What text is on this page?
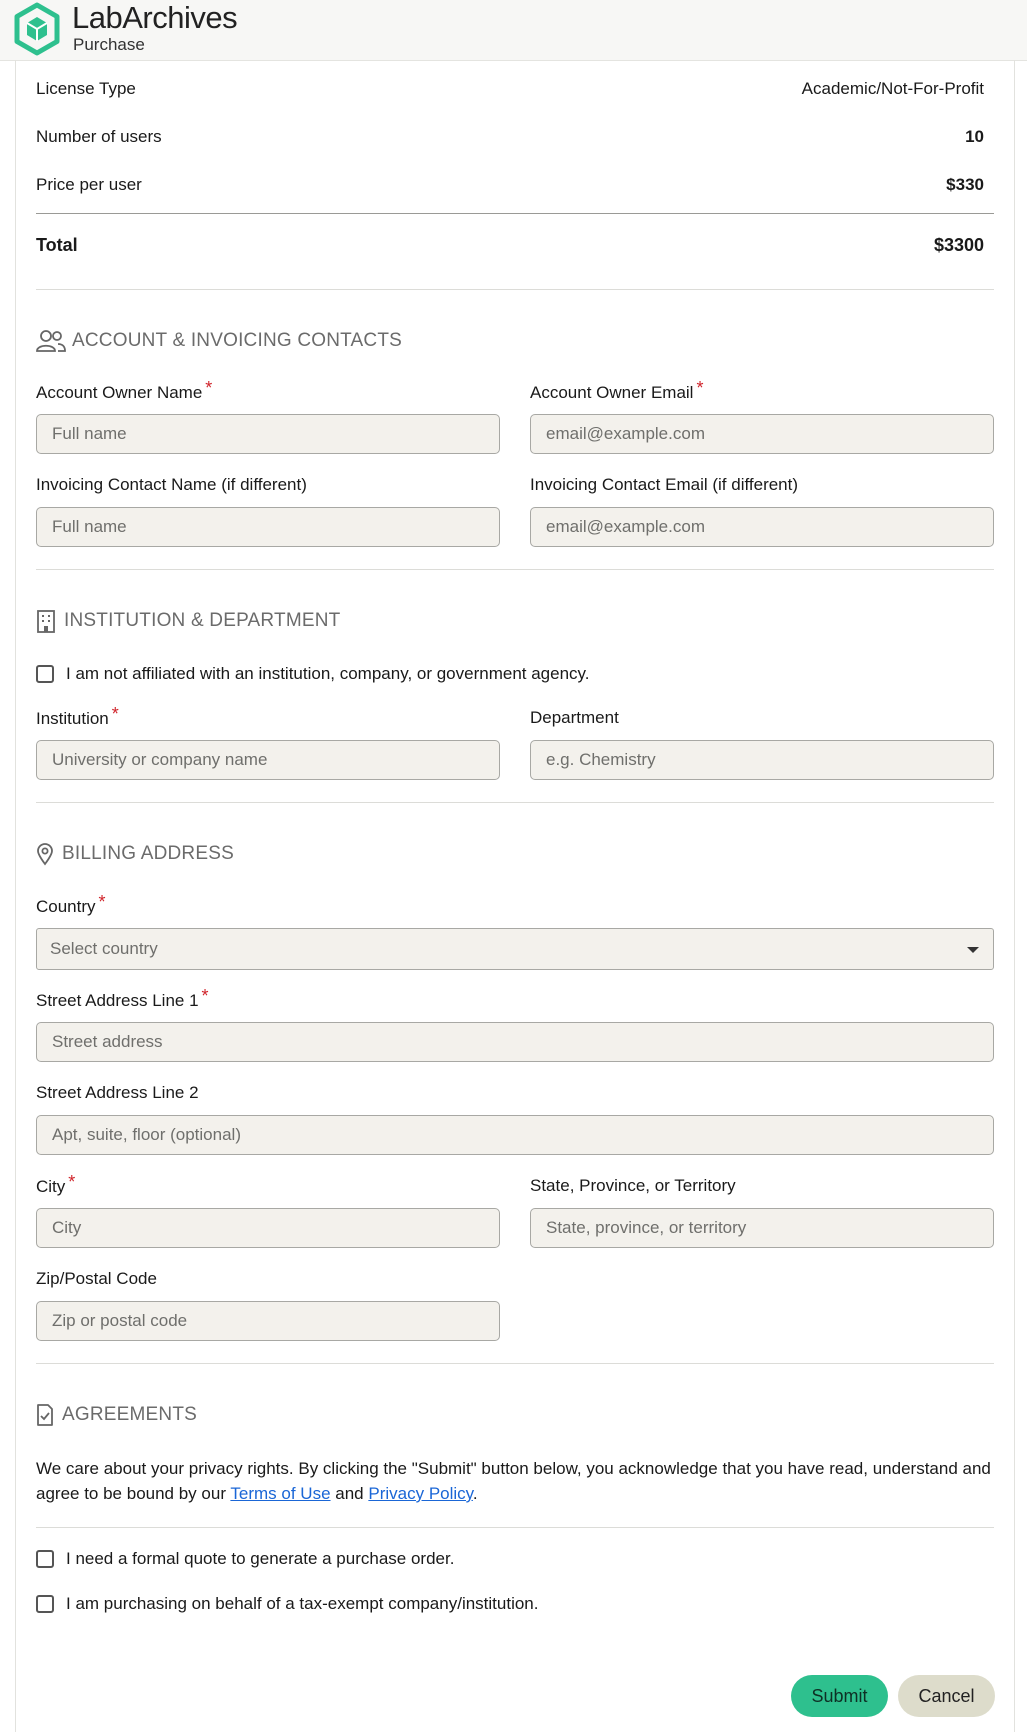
LabArchives
Purchase
License Type	Academic/Not-For-Profit
Number of users	10
Price per user	$330
Total	$3300
ACCOUNT & INVOICING CONTACTS
Account Owner Name *	Account Owner Email *
Full name
email@example.com
Invoicing Contact Name (if different)	Invoicing Contact Email (if different)
Full name
email@example.com
INSTITUTION & DEPARTMENT
I am not affiliated with an institution, company, or government agency.
Institution *	Department
University or company name
e.g. Chemistry
BILLING ADDRESS
Country *
Select country
Street Address Line 1 *
Street address
Street Address Line 2
Apt, suite, floor (optional)
City *	State, Province, or Territory
City
State, province, or territory
Zip/Postal Code
Zip or postal code
AGREEMENTS
We care about your privacy rights. By clicking the "Submit" button below, you acknowledge that you have read, understand and agree to be bound by our Terms of Use and Privacy Policy.
I need a formal quote to generate a purchase order.
I am purchasing on behalf of a tax-exempt company/institution.
Submit	Cancel
